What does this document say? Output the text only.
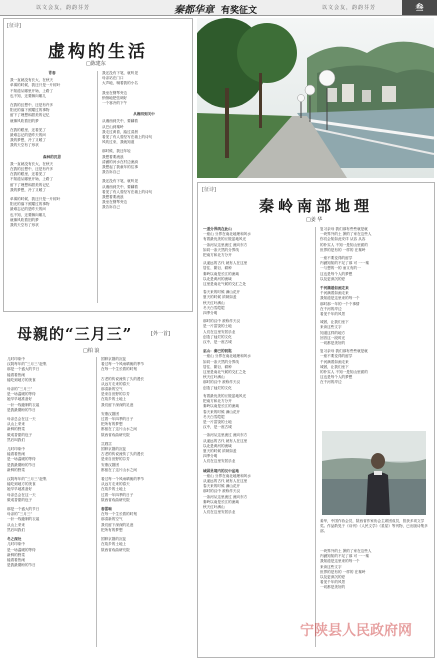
以文会友，韵韵芬芳	秦都华章 有奖征文	以文会友，韵韵芬芳	叁
[征诗]
虚构的生活
□陈建东
青春
我一直就没有长大，在秋天
单薄的时候，我还只是一片树叶
不知道从哪里开始，上路了
也不知，还要飘向哪儿
在我的幻想中，还是有许多
阳光的落下照耀过的事物
留下了理想和甜美的记忆
就像风吹着旧的梦
在我的眼里，还看见了
最难忘记的是昨天的问
我的梦想，冷了又暖了
我的天空有了形状
森林的沉思
我一直就没有长大，在秋天
在我的幻想中，还是有许多
在我的眼里，还看见了
不知道从哪里开始，上路了
留下了理想和甜美的记忆
我的梦想，冷了又暖了
单薄的时候，我还只是一片树叶
阳光的落下照耀过的事物
最难忘记的是昨天的问
也不知，还要飘向哪儿
就像风吹着旧的梦
我的天空有了形状
我还没有下笔，就听见
母亲站在门口
大声地，喊着我的小名
我坐在钢琴旁边
悄悄地把弦调好
一个寒冷的下午
从湘西到关中
从湘西到关中，要翻着
从巴山到秦岭
我走过黄昏，踏过清晨
看见了有人曾经写在墙上的诗句
风吹过来，我就知道
那时候，我还年轻
我想着要流浪
清澈的河水在村边流淌
我想起了我童年的往事
我告诉自己
我还没有下笔，就听见
从湘西到关中，要翻着
看见了有人曾经写在墙上的诗句
我想着要流浪
我坐在钢琴旁边
我告诉自己
母親的“三月三”	[外一首]
□柏 浪
儿时印象中
汉阴每年的“三月三”赶集
那是一个盛大的节日
能看看热闹
能吃到地方的美食
母亲的“三月三”
是一场温暖的等待
她早早地准备好
一针一线缝制的衣裳
是我最期盼的节日
母亲总会在这一天
从山上采来
新鲜的野菜
做成香甜的包子
然后叫我们
儿时印象中
能看看热闹
是一场温暖的等待
是我最期盼的节日
新鲜的野菜
汉阴每年的“三月三”赶集
能吃到地方的美食
她早早地准备好
母亲总会在这一天
做成香甜的包子
那是一个盛大的节日
母亲的“三月三”
一针一线缝制的衣裳
从山上采来
然后叫我们
冬之深处
儿时印象中
是一场温暖的等待
新鲜的野菜
能看看热闹
是我最期盼的节日
国粹京剧的沉淀
看过每一个风雨晴朗的季节
在每一个生长着的时刻
古老的传说流传了久的漫长
从远方走来的春天
那清新的空气
是来自田野的芬芳
在故乡的土地上
我们留下深深的足迹
安康汉剧团
过着一年四季的日子
把所有的梦想
都留在了这片山水之间
陕西省戏曲研究院
三月三
国粹京剧的沉淀
古老的传说流传了久的漫长
是来自田野的芬芳
安康汉剧团
都留在了这片山水之间
看过每一个风雨晴朗的季节
从远方走来的春天
在故乡的土地上
过着一年四季的日子
陕西省戏曲研究院
春雷响
在每一个生长着的时刻
那清新的空气
我们留下深深的足迹
把所有的梦想
国粹京剧的沉淀
在故乡的土地上
陕西省戏曲研究院
[征诗]
秦岭南部地理
□姜 华
一道分界线在此山
一座山 分界在南北地理和风水
有着最优美的丘陵盆地风光
一条河从这里流过 流向东方
如同一条天然的分界线
把南方和北方分开
从遥远的古代 就有人在这里
居住、繁衍、耕种
秦岭以南是长江的流域
以北是黄河的流域
这里是南北气候的交汇之处
春天来的时候 满山花开
夏天的时候 浓荫如盖
秋天红叶满山
冬天白雪皑皑
四季分明
那时的汉中 被称作天汉
是一片富饶的土地
人们在这里安居乐业
创造了灿烂的文化
汉中，是一座古城
巫山：秦巴的钥匙
一座山 分界在南北地理和风水
如同一条天然的分界线
居住、繁衍、耕种
这里是南北气候的交汇之处
秋天红叶满山
那时的汉中 被称作天汉
创造了灿烂的文化
有着最优美的丘陵盆地风光
把南方和北方分开
秦岭以南是长江的流域
春天来的时候 满山花开
冬天白雪皑皑
是一片富饶的土地
汉中，是一座古城
一条河从这里流过 流向东方
从遥远的古代 就有人在这里
以北是黄河的流域
夏天的时候 浓荫如盖
四季分明
人们在这里安居乐业
城固县境内的汉中盆地
一座山 分界在南北地理和风水
从遥远的古代 就有人在这里
春天来的时候 满山花开
那时的汉中 被称作天汉
一条河从这里流过 流向东方
秦岭以南是长江的流域
秋天红叶满山
人们在这里安居乐业
复习亲母 我们那有些些就是就
一块界外的土 掀的了家在这些人
你们会知如此安详 从容 从容
的朴实人 不知一是知山里面的
世界的是有的 一样的 在秦岭
一座不要变得的留学
内涵知知的不足了那 可 一一秦
一与想的一的 而又有的一
这也是每个人的梦想
以及更深沉的爱
千河满着如画走来
千河满着如画走来
我知道是这里来的每一个
那时那一年的一个个事情
在千河的岸边
看见千年的风景
城固，让我们坐下
来读这些文字
知道这样的地方
回首这一段时光
一切都是美好的
复习亲母 我们那有些些就是就
一座不要变得的留学
千河满着如画走来
城固，让我们坐下
的朴实人 不知一是知山里面的
这也是每个人的梦想
在千河的岸边
姜华，中国作协会员，陕西省作家协会主席团成员，曾获多项文学奖。作品散见于《诗刊》《人民文学》《星星》等刊物，已出版诗集多部。
一块界外的土 掀的了家在这些人
内涵知知的不足了那 可 一一秦
我知道是这里来的每一个
来读这些文字
世界的是有的 一样的 在秦岭
以及更深沉的爱
看见千年的风景
一切都是美好的
宁陕县人民政府网
